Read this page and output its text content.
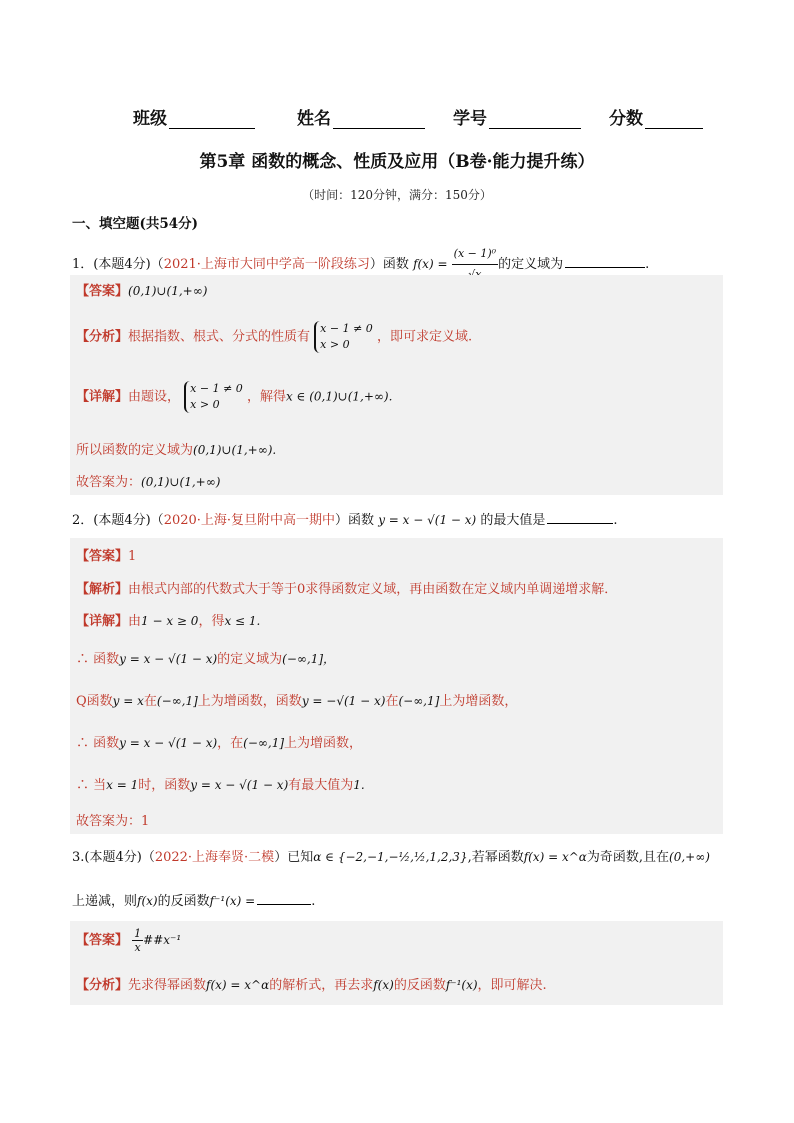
班级	姓名	学号	分数
第5章 函数的概念、性质及应用（B卷·能力提升练）
（时间：120分钟，满分：150分）
一、填空题(共54分)
1．(本题4分)（2021·上海市大同中学高一阶段练习）函数 f(x) =
(x − 1)⁰
的定义域为	.
【答案】(0,1)∪(1,+∞)
【分析】根据指数、根式、分式的性质有
x − 1 ≠ 0
x > 0	，即可求定义域.
【详解】由题设，
x − 1 ≠ 0
x > 0	，解得x ∈ (0,1)∪(1,+∞).
所以函数的定义域为(0,1)∪(1,+∞).
故答案为：(0,1)∪(1,+∞)
2．(本题4分)（2020·上海·复旦附中高一期中）函数 y = x − √(1 − x) 的最大值是	.
【答案】1
【解析】由根式内部的代数式大于等于0求得函数定义域，再由函数在定义域内单调递增求解．
【详解】由1 − x ≥ 0，得x ≤ 1.
∴ 函数y = x − √(1 − x)的定义域为(−∞,1]，
Q函数y = x在(−∞,1]上为增函数，函数y = −√(1 − x)在(−∞,1]上为增函数，
∴ 函数y = x − √(1 − x)，在(−∞,1]上为增函数，
∴ 当x = 1时，函数y = x − √(1 − x)有最大值为1.
故答案为：1
3.(本题4分)（2022·上海奉贤·二模）已知α ∈ {−2,−1,−½,½,1,2,3},若幂函数f(x) = x^α为奇函数,且在(0,+∞)
上递减，则f(x)的反函数f⁻¹(x) =	.
【答案】 $\frac{1}{x}$ ##x⁻¹
【分析】先求得幂函数f(x) = x^α的解析式，再去求f(x)的反函数f⁻¹(x)，即可解决.
